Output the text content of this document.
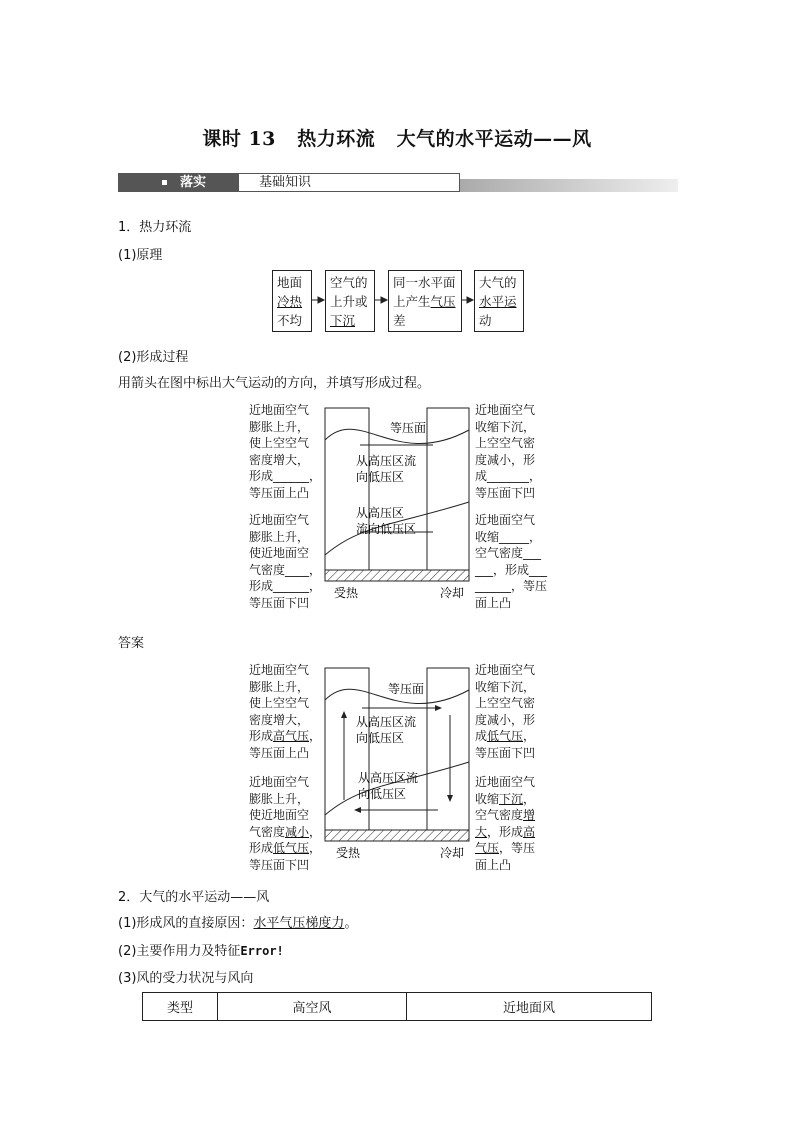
课时 13 热力环流 大气的水平运动——风
落实	基础知识
1．热力环流
(1)原理
地面
冷热
不均
空气的
上升或
下沉
同一水平面
上产生气压
差
大气的
水平运
动
(2)形成过程
用箭头在图中标出大气运动的方向，并填写形成过程。
近地面空气
膨胀上升，
使上空空气
密度增大，
形成______，
等压面上凸
近地面空气
膨胀上升，
使近地面空
气密度____，
形成______，
等压面下凹
近地面空气
收缩下沉，
上空空气密
度减小，形
成_______，
等压面下凹
近地面空气
收缩_____，
空气密度___
___，形成___
______，等压
面上凸
等压面
从高压区流
向低压区
从高压区
流向低压区
受热	冷却
答案
近地面空气
膨胀上升，
使上空空气
密度增大，
形成高气压，
等压面上凸
近地面空气
膨胀上升，
使近地面空
气密度减小，
形成低气压，
等压面下凹
近地面空气
收缩下沉，
上空空气密
度减小，形
成低气压，
等压面下凹
近地面空气
收缩下沉，
空气密度增
大，形成高
气压，等压
面上凸
等压面
从高压区流
向低压区
从高压区流
向低压区
受热	冷却
2．大气的水平运动——风
(1)形成风的直接原因：水平气压梯度力。
(2)主要作用力及特征Error!
(3)风的受力状况与风向
类型	高空风	近地面风
